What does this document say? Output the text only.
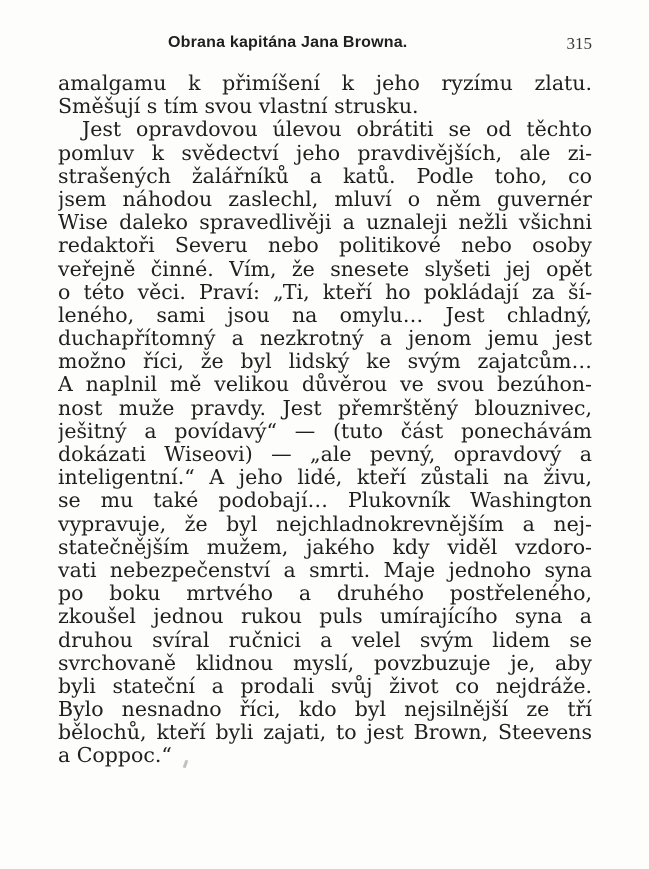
Obrana kapitána Jana Browna.	315
amalgamu k přimíšení k jeho ryzímu zlatu.
Směšují s tím svou vlastní strusku.
Jest opravdovou úlevou obrátiti se od těchto
pomluv k svědectví jeho pravdivějších, ale zi-
strašených žalářníků a katů. Podle toho, co
jsem náhodou zaslechl, mluví o něm guvernér
Wise daleko spravedlivěji a uznaleji nežli všichni
redaktoři Severu nebo politikové nebo osoby
veřejně činné. Vím, že snesete slyšeti jej opět
o této věci. Praví: „Ti, kteří ho pokládají za ší-
leného, sami jsou na omylu… Jest chladný,
duchapřítomný a nezkrotný a jenom jemu jest
možno říci, že byl lidský ke svým zajatcům…
A naplnil mě velikou důvěrou ve svou bezúhon-
nost muže pravdy. Jest přemrštěný blouznivec,
ješitný a povídavý“ — (tuto část ponechávám
dokázati Wiseovi) — „ale pevný, opravdový a
inteligentní.“ A jeho lidé, kteří zůstali na živu,
se mu také podobají… Plukovník Washington
vypravuje, že byl nejchladnokrevnějším a nej-
statečnějším mužem, jakého kdy viděl vzdoro-
vati nebezpečenství a smrti. Maje jednoho syna
po boku mrtvého a druhého postřeleného,
zkoušel jednou rukou puls umírajícího syna a
druhou svíral ručnici a velel svým lidem se
svrchovaně klidnou myslí, povzbuzuje je, aby
byli stateční a prodali svůj život co nejdráže.
Bylo nesnadno říci, kdo byl nejsilnější ze tří
bělochů, kteří byli zajati, to jest Brown, Steevens
a Coppoc.“
